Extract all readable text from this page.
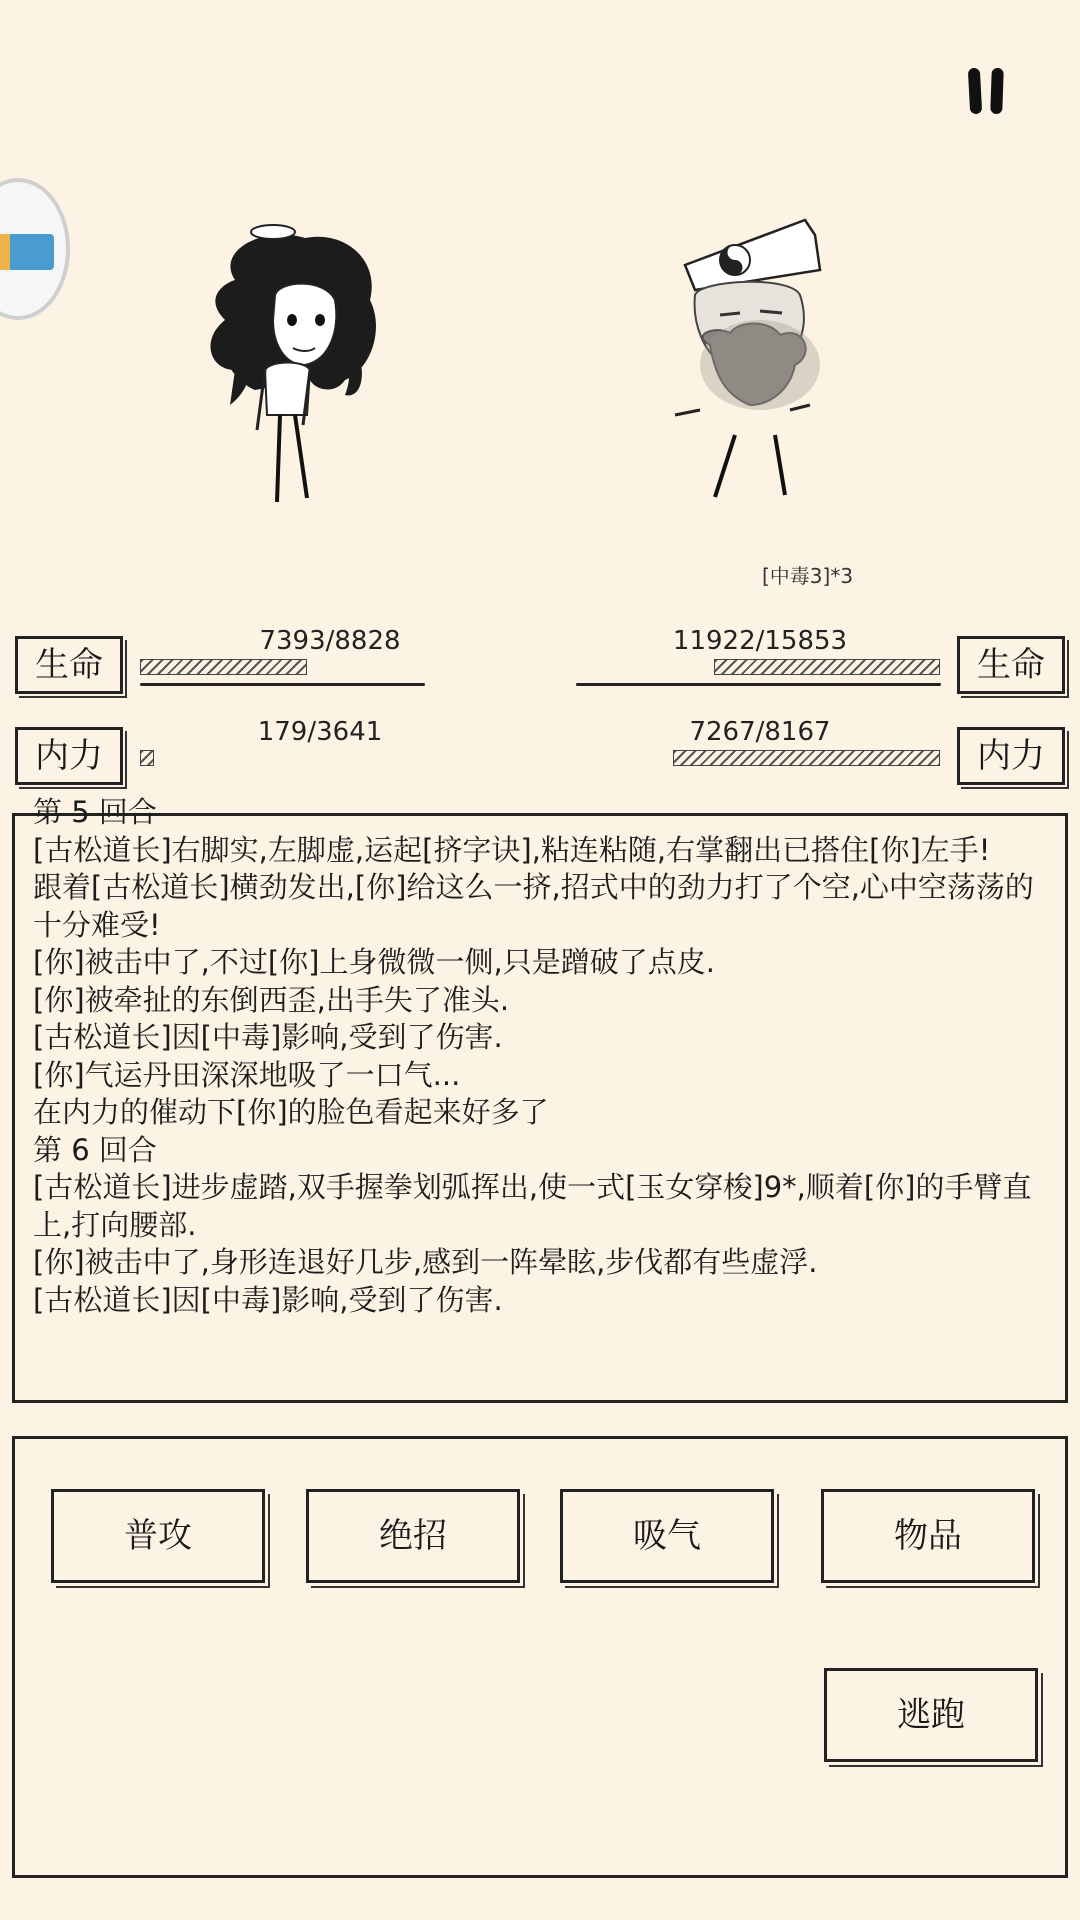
[中毒3]*3
生命
7393/8828
内力
179/3641
生命
11922/15853
内力
7267/8167
第 5 回合
[古松道长]右脚实,左脚虚,运起[挤字诀],粘连粘随,右掌翻出已搭住[你]左手!
跟着[古松道长]横劲发出,[你]给这么一挤,招式中的劲力打了个空,心中空荡荡的十分难受!
[你]被击中了,不过[你]上身微微一侧,只是蹭破了点皮.
[你]被牵扯的东倒西歪,出手失了准头.
[古松道长]因[中毒]影响,受到了伤害.
[你]气运丹田深深地吸了一口气...
在内力的催动下[你]的脸色看起来好多了
第 6 回合
[古松道长]进步虚踏,双手握拳划弧挥出,使一式[玉女穿梭]9*,顺着[你]的手臂直上,打向腰部.
[你]被击中了,身形连退好几步,感到一阵晕眩,步伐都有些虚浮.
[古松道长]因[中毒]影响,受到了伤害.
普攻	绝招	吸气	物品
逃跑
